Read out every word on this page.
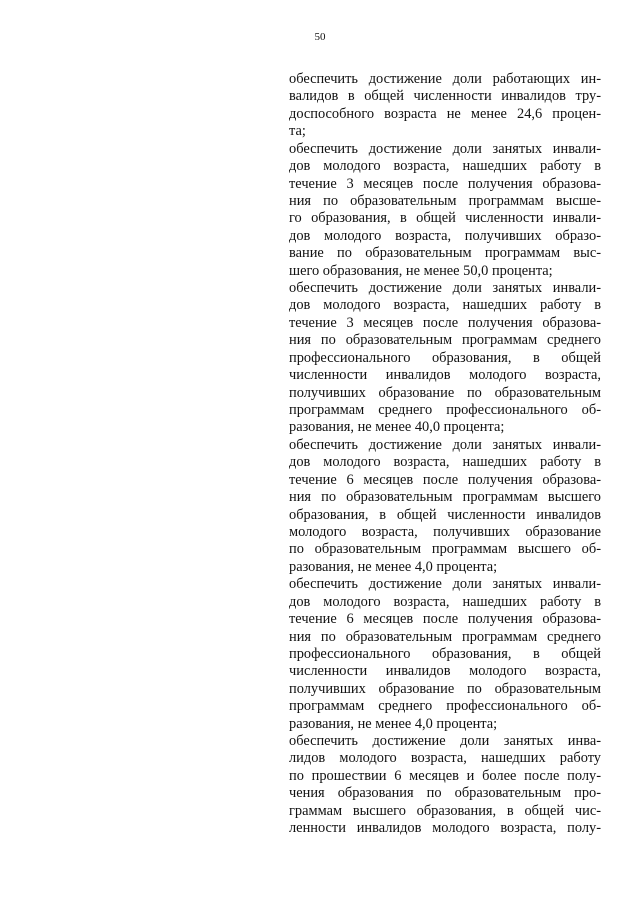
50
обеспечить достижение доли работающих ин-
валидов в общей численности инвалидов тру-
доспособного возраста не менее 24,6 процен-
та;
обеспечить достижение доли занятых инвали-
дов молодого возраста, нашедших работу в
течение 3 месяцев после получения образова-
ния по образовательным программам высше-
го образования, в общей численности инвали-
дов молодого возраста, получивших образо-
вание по образовательным программам выс-
шего образования, не менее 50,0 процента;
обеспечить достижение доли занятых инвали-
дов молодого возраста, нашедших работу в
течение 3 месяцев после получения образова-
ния по образовательным программам среднего
профессионального образования, в общей
численности инвалидов молодого возраста,
получивших образование по образовательным
программам среднего профессионального об-
разования, не менее 40,0 процента;
обеспечить достижение доли занятых инвали-
дов молодого возраста, нашедших работу в
течение 6 месяцев после получения образова-
ния по образовательным программам высшего
образования, в общей численности инвалидов
молодого возраста, получивших образование
по образовательным программам высшего об-
разования, не менее 4,0 процента;
обеспечить достижение доли занятых инвали-
дов молодого возраста, нашедших работу в
течение 6 месяцев после получения образова-
ния по образовательным программам среднего
профессионального образования, в общей
численности инвалидов молодого возраста,
получивших образование по образовательным
программам среднего профессионального об-
разования, не менее 4,0 процента;
обеспечить достижение доли занятых инва-
лидов молодого возраста, нашедших работу
по прошествии 6 месяцев и более после полу-
чения образования по образовательным про-
граммам высшего образования, в общей чис-
ленности инвалидов молодого возраста, полу-
